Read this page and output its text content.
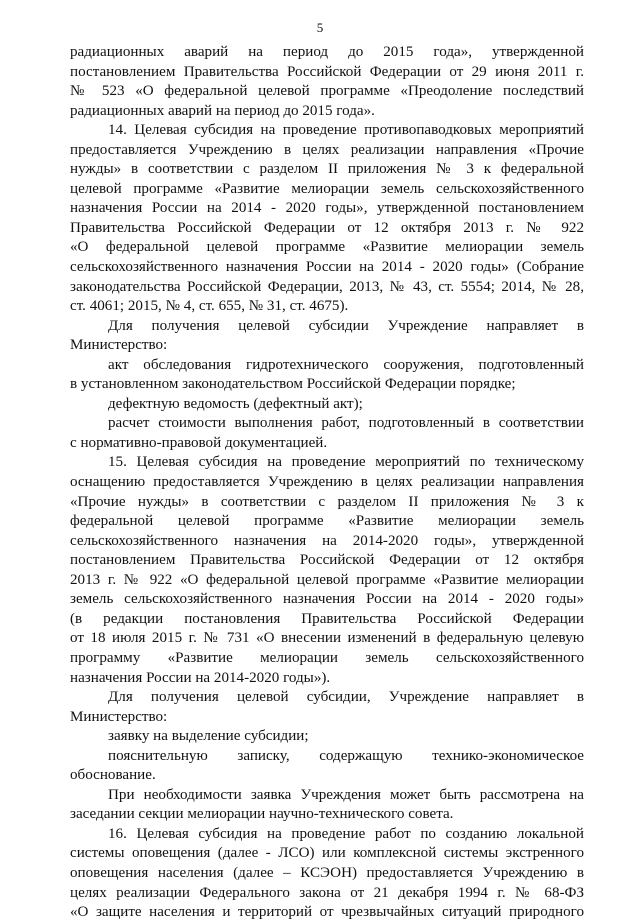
5
радиационных аварий на период до 2015 года», утвержденной
постановлением Правительства Российской Федерации от 29 июня 2011 г.
№ 523 «О федеральной целевой программе «Преодоление последствий
радиационных аварий на период до 2015 года».
14. Целевая субсидия на проведение противопаводковых мероприятий
предоставляется Учреждению в целях реализации направления «Прочие
нужды» в соответствии с разделом II приложения № 3 к федеральной
целевой программе «Развитие мелиорации земель сельскохозяйственного
назначения России на 2014 - 2020 годы», утвержденной постановлением
Правительства Российской Федерации от 12 октября 2013 г. № 922
«О федеральной целевой программе «Развитие мелиорации земель
сельскохозяйственного назначения России на 2014 - 2020 годы» (Собрание
законодательства Российской Федерации, 2013, № 43, ст. 5554; 2014, № 28,
ст. 4061; 2015, № 4, ст. 655, № 31, ст. 4675).
Для получения целевой субсидии Учреждение направляет в
Министерство:
акт обследования гидротехнического сооружения, подготовленный
в установленном законодательством Российской Федерации порядке;
дефектную ведомость (дефектный акт);
расчет стоимости выполнения работ, подготовленный в соответствии
с нормативно-правовой документацией.
15. Целевая субсидия на проведение мероприятий по техническому
оснащению предоставляется Учреждению в целях реализации направления
«Прочие нужды» в соответствии с разделом II приложения № 3 к
федеральной целевой программе «Развитие мелиорации земель
сельскохозяйственного назначения на 2014-2020 годы», утвержденной
постановлением Правительства Российской Федерации от 12 октября
2013 г. № 922 «О федеральной целевой программе «Развитие мелиорации
земель сельскохозяйственного назначения России на 2014 - 2020 годы»
(в редакции постановления Правительства Российской Федерации
от 18 июля 2015 г. № 731 «О внесении изменений в федеральную целевую
программу «Развитие мелиорации земель сельскохозяйственного
назначения России на 2014-2020 годы»).
Для получения целевой субсидии, Учреждение направляет в
Министерство:
заявку на выделение субсидии;
пояснительную записку, содержащую технико-экономическое
обоснование.
При необходимости заявка Учреждения может быть рассмотрена на
заседании секции мелиорации научно-технического совета.
16. Целевая субсидия на проведение работ по созданию локальной
системы оповещения (далее - ЛСО) или комплексной системы экстренного
оповещения населения (далее – КСЭОН) предоставляется Учреждению в
целях реализации Федерального закона от 21 декабря 1994 г. № 68-ФЗ
«О защите населения и территорий от чрезвычайных ситуаций природного
